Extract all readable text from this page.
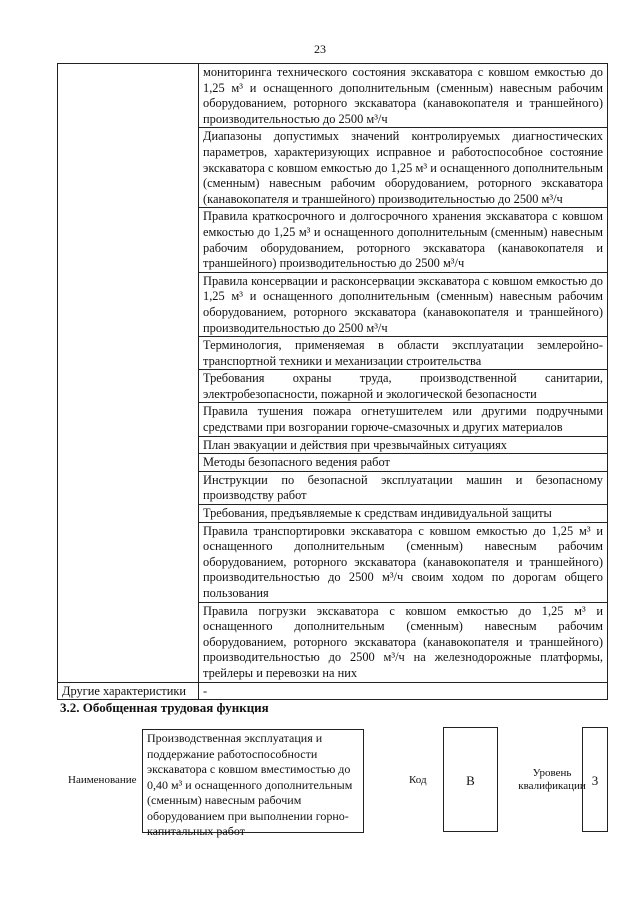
23
	мониторинга технического состояния экскаватора с ковшом емкостью до 1,25 м³ и оснащенного дополнительным (сменным) навесным рабочим оборудованием, роторного экскаватора (канавокопателя и траншейного) производительностью до 2500 м³/ч
	Диапазоны допустимых значений контролируемых диагностических параметров, характеризующих исправное и работоспособное состояние экскаватора с ковшом емкостью до 1,25 м³ и оснащенного дополнительным (сменным) навесным рабочим оборудованием, роторного экскаватора (канавокопателя и траншейного) производительностью до 2500 м³/ч
	Правила краткосрочного и долгосрочного хранения экскаватора с ковшом емкостью до 1,25 м³ и оснащенного дополнительным (сменным) навесным рабочим оборудованием, роторного экскаватора (канавокопателя и траншейного) производительностью до 2500 м³/ч
	Правила консервации и расконсервации экскаватора с ковшом емкостью до 1,25 м³ и оснащенного дополнительным (сменным) навесным рабочим оборудованием, роторного экскаватора (канавокопателя и траншейного) производительностью до 2500 м³/ч
	Терминология, применяемая в области эксплуатации землеройно-транспортной техники и механизации строительства
	Требования охраны труда, производственной санитарии, электробезопасности, пожарной и экологической безопасности
	Правила тушения пожара огнетушителем или другими подручными средствами при возгорании горюче-смазочных и других материалов
	План эвакуации и действия при чрезвычайных ситуациях
	Методы безопасного ведения работ
	Инструкции по безопасной эксплуатации машин и безопасному производству работ
	Требования, предъявляемые к средствам индивидуальной защиты
	Правила транспортировки экскаватора с ковшом емкостью до 1,25 м³ и оснащенного дополнительным (сменным) навесным рабочим оборудованием, роторного экскаватора (канавокопателя и траншейного) производительностью до 2500 м³/ч своим ходом по дорогам общего пользования
	Правила погрузки экскаватора с ковшом емкостью до 1,25 м³ и оснащенного дополнительным (сменным) навесным рабочим оборудованием, роторного экскаватора (канавокопателя и траншейного) производительностью до 2500 м³/ч на железнодорожные платформы, трейлеры и перевозки на них
Другие характеристики	-
3.2. Обобщенная трудовая функция
Наименование
Производственная эксплуатация и поддержание работоспособности экскаватора с ковшом вместимостью до 0,40 м³ и оснащенного дополнительным (сменным) навесным рабочим оборудованием при выполнении горно-капитальных работ
Код	B	Уровень квалификации 3
